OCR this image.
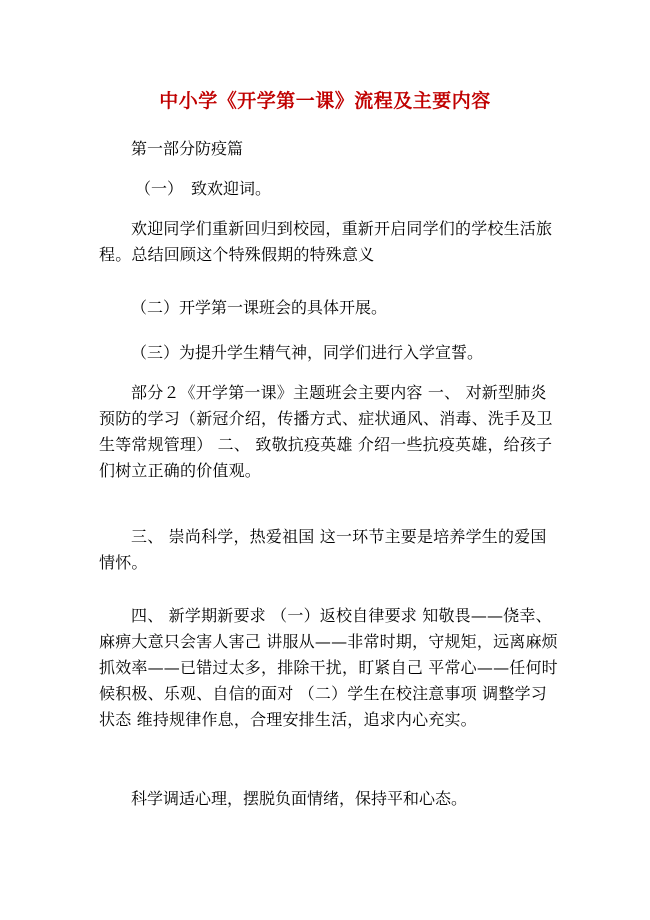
中小学《开学第一课》流程及主要内容
第一部分防疫篇
（一）　致欢迎词。
欢迎同学们重新回归到校园，重新开启同学们的学校生活旅程。总结回顾这个特殊假期的特殊意义
（二）开学第一课班会的具体开展。
（三）为提升学生精气神，同学们进行入学宣誓。
部分２《开学第一课》主题班会主要内容 一、 对新型肺炎预防的学习（新冠介绍，传播方式、症状通风、消毒、洗手及卫生等常规管理） 二、 致敬抗疫英雄 介绍一些抗疫英雄，给孩子们树立正确的价值观。
三、 崇尚科学，热爱祖国 这一环节主要是培养学生的爱国情怀。
四、 新学期新要求 （一）返校自律要求 知敬畏——侥幸、麻痹大意只会害人害己 讲服从——非常时期，守规矩，远离麻烦 抓效率——已错过太多，排除干扰，盯紧自己 平常心——任何时候积极、乐观、自信的面对 （二）学生在校注意事项 调整学习状态 维持规律作息，合理安排生活，追求内心充实。
科学调适心理，摆脱负面情绪，保持平和心态。
